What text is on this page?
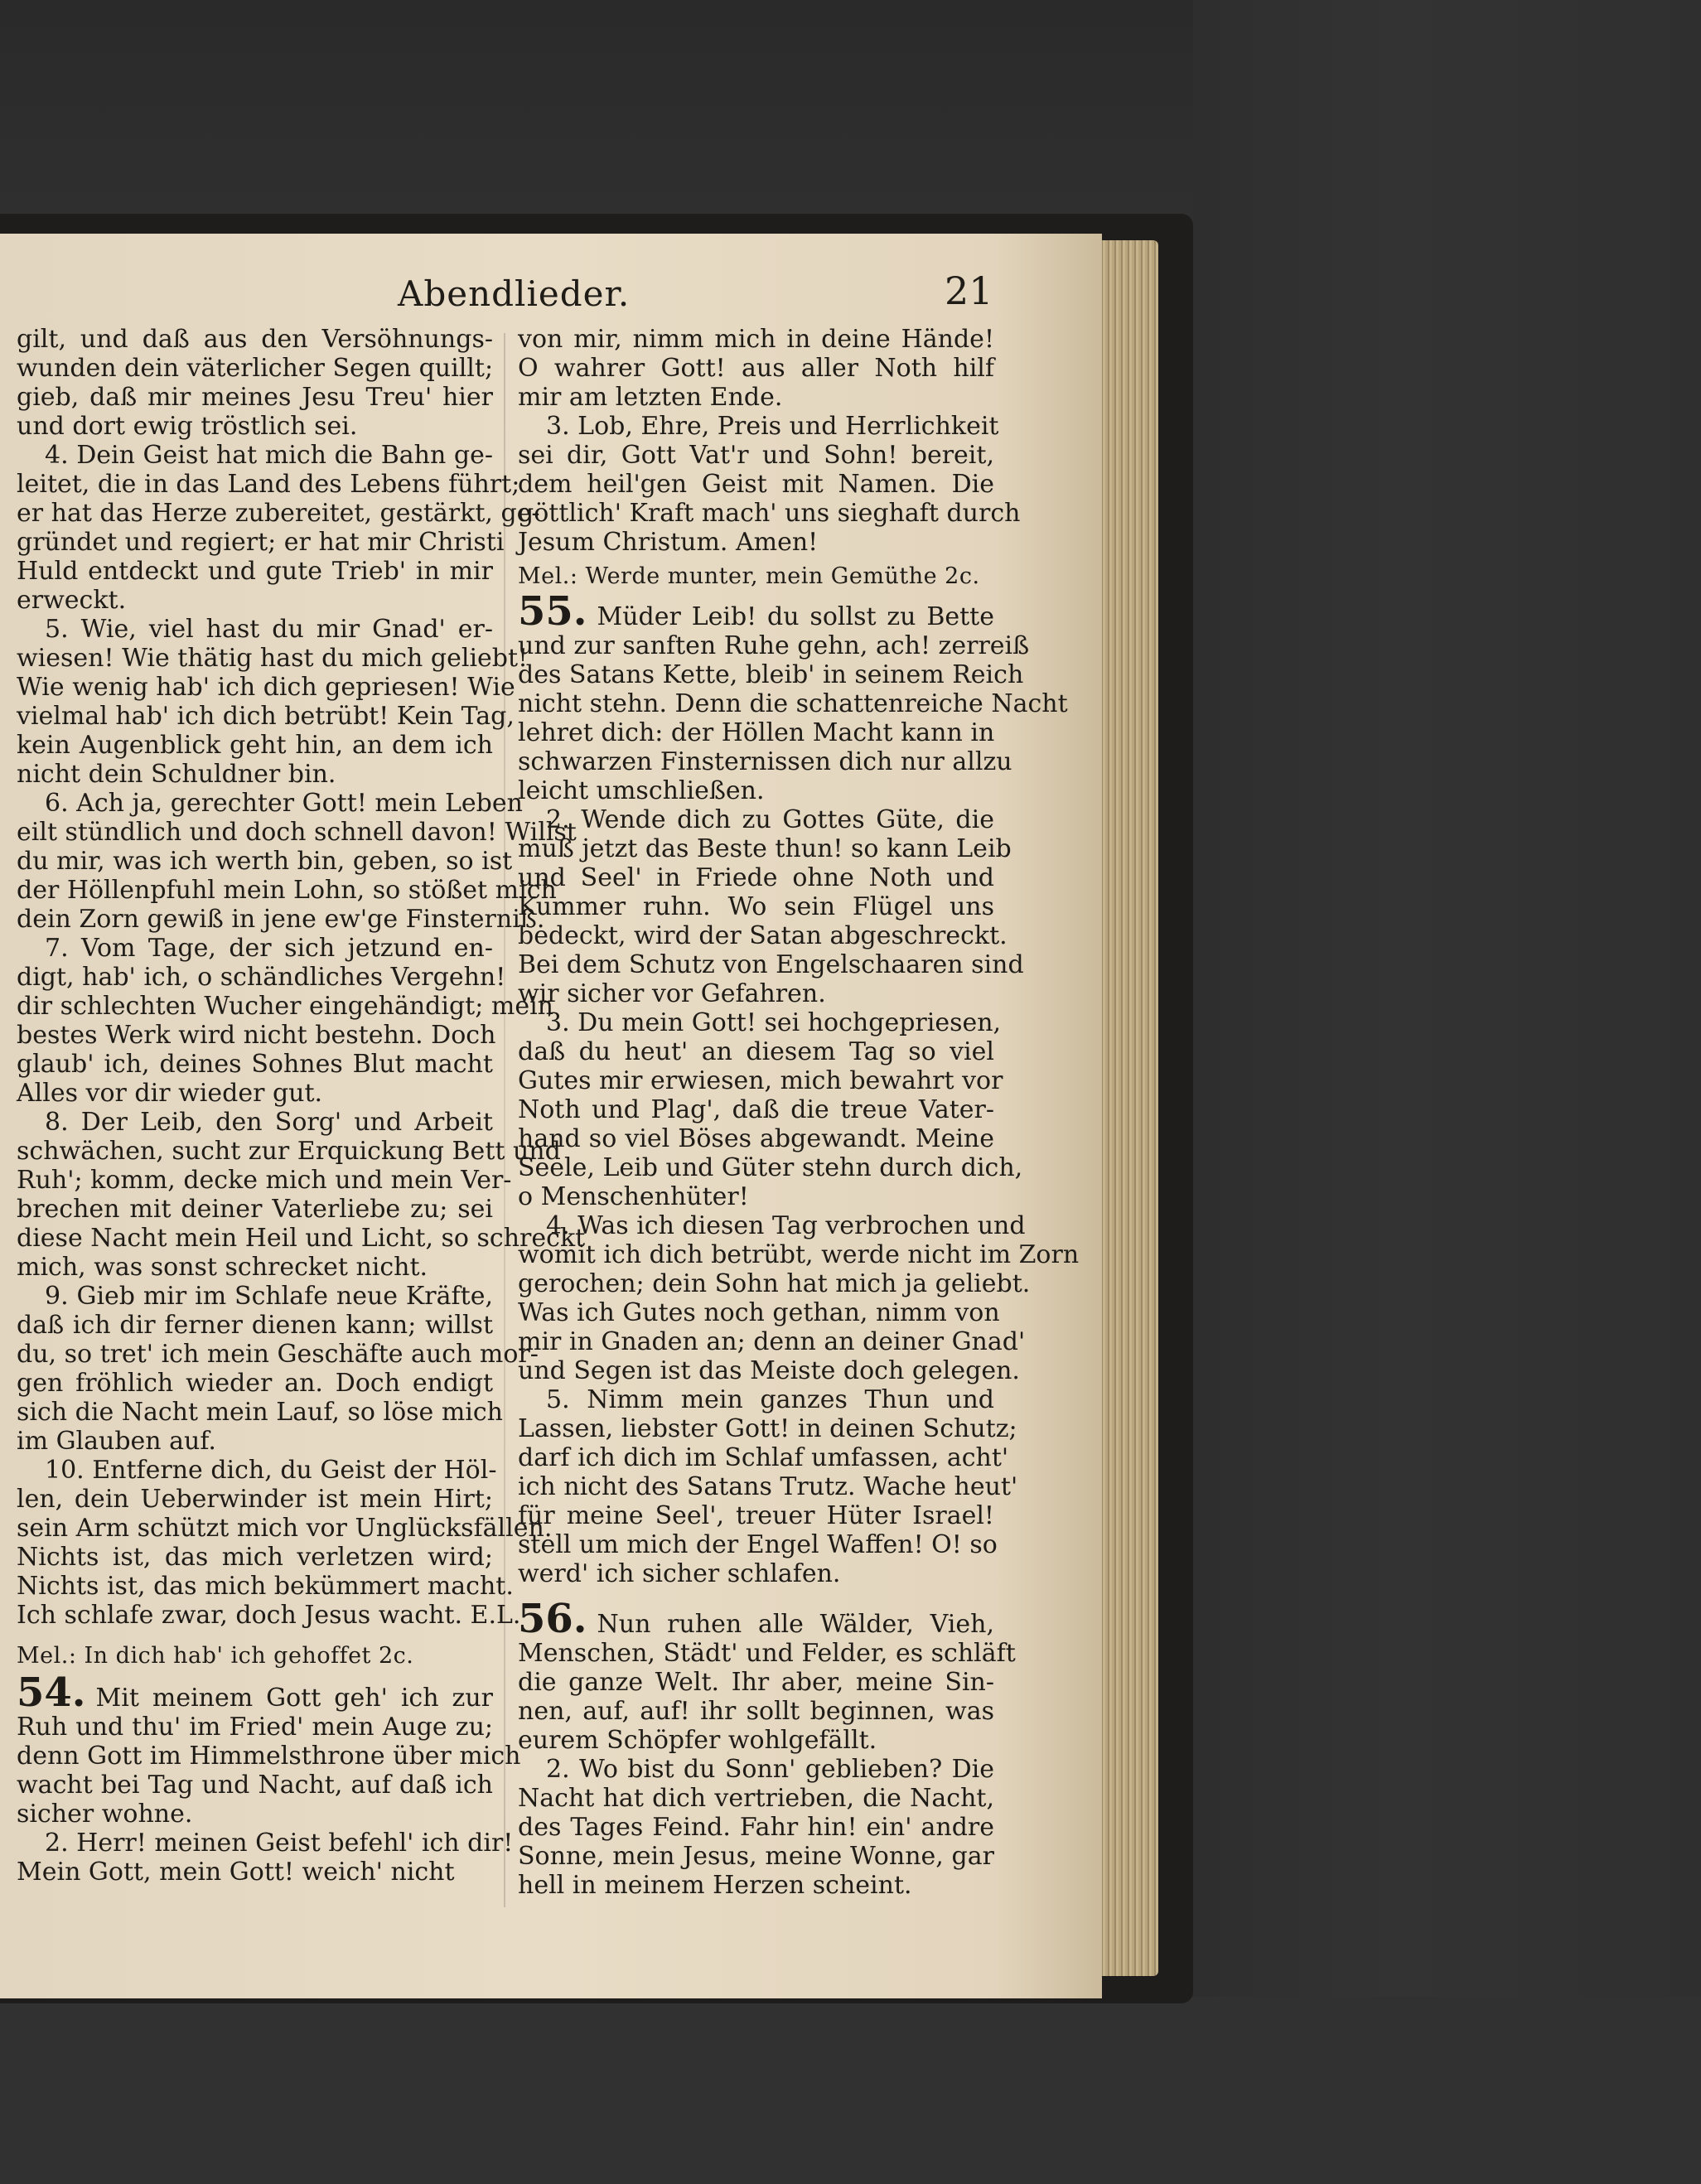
Abendlieder.	21
gilt, und daß aus den Versöhnungs-
wunden dein väterlicher Segen quillt;
gieb, daß mir meines Jesu Treu' hier
und dort ewig tröstlich sei.
4. Dein Geist hat mich die Bahn ge-
leitet, die in das Land des Lebens führt;
er hat das Herze zubereitet, gestärkt, ge-
gründet und regiert; er hat mir Christi
Huld entdeckt und gute Trieb' in mir
erweckt.
5. Wie, viel hast du mir Gnad' er-
wiesen! Wie thätig hast du mich geliebt!
Wie wenig hab' ich dich gepriesen! Wie
vielmal hab' ich dich betrübt! Kein Tag,
kein Augenblick geht hin, an dem ich
nicht dein Schuldner bin.
6. Ach ja, gerechter Gott! mein Leben
eilt stündlich und doch schnell davon! Willst
du mir, was ich werth bin, geben, so ist
der Höllenpfuhl mein Lohn, so stößet mich
dein Zorn gewiß in jene ew'ge Finsterniß.
7. Vom Tage, der sich jetzund en-
digt, hab' ich, o schändliches Vergehn!
dir schlechten Wucher eingehändigt; mein
bestes Werk wird nicht bestehn. Doch
glaub' ich, deines Sohnes Blut macht
Alles vor dir wieder gut.
8. Der Leib, den Sorg' und Arbeit
schwächen, sucht zur Erquickung Bett und
Ruh'; komm, decke mich und mein Ver-
brechen mit deiner Vaterliebe zu; sei
diese Nacht mein Heil und Licht, so schreckt
mich, was sonst schrecket nicht.
9. Gieb mir im Schlafe neue Kräfte,
daß ich dir ferner dienen kann; willst
du, so tret' ich mein Geschäfte auch mor-
gen fröhlich wieder an. Doch endigt
sich die Nacht mein Lauf, so löse mich
im Glauben auf.
10. Entferne dich, du Geist der Höl-
len, dein Ueberwinder ist mein Hirt;
sein Arm schützt mich vor Unglücksfällen.
Nichts ist, das mich verletzen wird;
Nichts ist, das mich bekümmert macht.
Ich schlafe zwar, doch Jesus wacht. E.L.
Mel.: In dich hab' ich gehoffet 2c.
54. Mit meinem Gott geh' ich zur
Ruh und thu' im Fried' mein Auge zu;
denn Gott im Himmelsthrone über mich
wacht bei Tag und Nacht, auf daß ich
sicher wohne.
2. Herr! meinen Geist befehl' ich dir!
Mein Gott, mein Gott! weich' nicht
von mir, nimm mich in deine Hände!
O wahrer Gott! aus aller Noth hilf
mir am letzten Ende.
3. Lob, Ehre, Preis und Herrlichkeit
sei dir, Gott Vat'r und Sohn! bereit,
dem heil'gen Geist mit Namen. Die
göttlich' Kraft mach' uns sieghaft durch
Jesum Christum. Amen!
Mel.: Werde munter, mein Gemüthe 2c.
55. Müder Leib! du sollst zu Bette
und zur sanften Ruhe gehn, ach! zerreiß
des Satans Kette, bleib' in seinem Reich
nicht stehn. Denn die schattenreiche Nacht
lehret dich: der Höllen Macht kann in
schwarzen Finsternissen dich nur allzu
leicht umschließen.
2. Wende dich zu Gottes Güte, die
muß jetzt das Beste thun! so kann Leib
und Seel' in Friede ohne Noth und
Kummer ruhn. Wo sein Flügel uns
bedeckt, wird der Satan abgeschreckt.
Bei dem Schutz von Engelschaaren sind
wir sicher vor Gefahren.
3. Du mein Gott! sei hochgepriesen,
daß du heut' an diesem Tag so viel
Gutes mir erwiesen, mich bewahrt vor
Noth und Plag', daß die treue Vater-
hand so viel Böses abgewandt. Meine
Seele, Leib und Güter stehn durch dich,
o Menschenhüter!
4. Was ich diesen Tag verbrochen und
womit ich dich betrübt, werde nicht im Zorn
gerochen; dein Sohn hat mich ja geliebt.
Was ich Gutes noch gethan, nimm von
mir in Gnaden an; denn an deiner Gnad'
und Segen ist das Meiste doch gelegen.
5. Nimm mein ganzes Thun und
Lassen, liebster Gott! in deinen Schutz;
darf ich dich im Schlaf umfassen, acht'
ich nicht des Satans Trutz. Wache heut'
für meine Seel', treuer Hüter Israel!
stell um mich der Engel Waffen! O! so
werd' ich sicher schlafen.
56. Nun ruhen alle Wälder, Vieh,
Menschen, Städt' und Felder, es schläft
die ganze Welt. Ihr aber, meine Sin-
nen, auf, auf! ihr sollt beginnen, was
eurem Schöpfer wohlgefällt.
2. Wo bist du Sonn' geblieben? Die
Nacht hat dich vertrieben, die Nacht,
des Tages Feind. Fahr hin! ein' andre
Sonne, mein Jesus, meine Wonne, gar
hell in meinem Herzen scheint.
